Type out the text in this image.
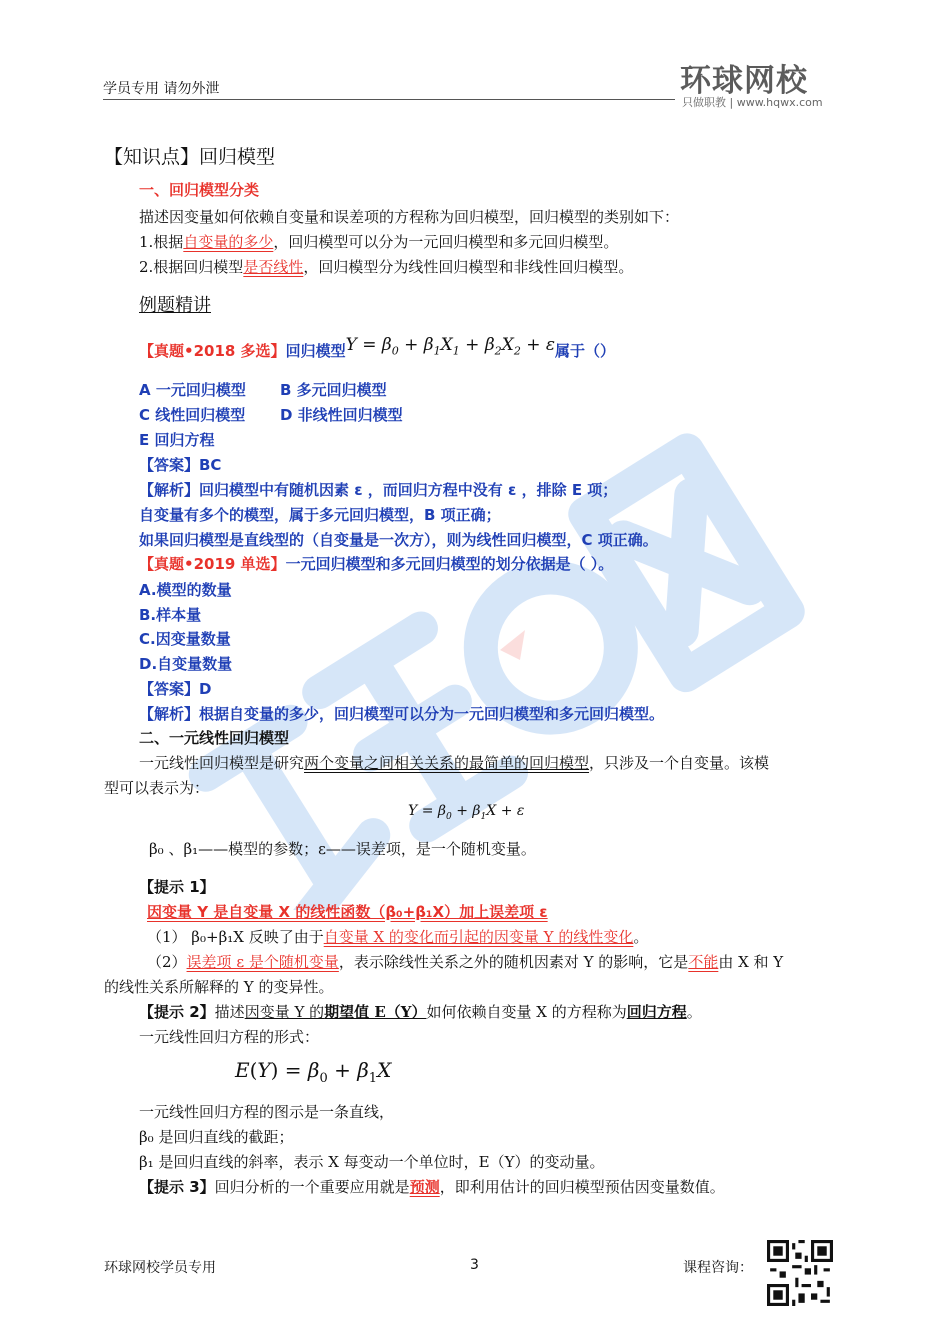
学员专用 请勿外泄	环球网校
只做职教 | www.hqwx.com
【知识点】回归模型
一、回归模型分类
描述因变量如何依赖自变量和误差项的方程称为回归模型，回归模型的类别如下：
1.根据自变量的多少，回归模型可以分为一元回归模型和多元回归模型。
2.根据回归模型是否线性，回归模型分为线性回归模型和非线性回归模型。
例题精讲
【真题•2018 多选】回归模型$Y = \beta_0 + \beta_1X_1 + \beta_2X_2 + \varepsilon$属于（）
A 一元回归模型 B 多元回归模型
C 线性回归模型 D 非线性回归模型
E 回归方程
【答案】BC
【解析】回归模型中有随机因素 ε ，而回归方程中没有 ε ，排除 E 项；
自变量有多个的模型，属于多元回归模型，B 项正确；
如果回归模型是直线型的（自变量是一次方），则为线性回归模型，C 项正确。
【真题•2019 单选】一元回归模型和多元回归模型的划分依据是（ ）。
A.模型的数量
B.样本量
C.因变量数量
D.自变量数量
【答案】D
【解析】根据自变量的多少，回归模型可以分为一元回归模型和多元回归模型。
二、一元线性回归模型
一元线性回归模型是研究两个变量之间相关关系的最简单的回归模型，只涉及一个自变量。该模
型可以表示为：
$Y = \beta_0 + \beta_1X + \varepsilon$
β₀ 、β₁——模型的参数；ε——误差项，是一个随机变量。
【提示 1】
因变量 Y 是自变量 X 的线性函数（β₀+β₁X）加上误差项 ε
（1） β₀+β₁X 反映了由于自变量 X 的变化而引起的因变量 Y 的线性变化。
（2）误差项 ε 是个随机变量，表示除线性关系之外的随机因素对 Y 的影响，它是不能由 X 和 Y
的线性关系所解释的 Y 的变异性。
【提示 2】描述因变量 Y 的期望值 E（Y）如何依赖自变量 X 的方程称为回归方程。
一元线性回归方程的形式：
$E(Y) = \beta_0 + \beta_1X$
一元线性回归方程的图示是一条直线，
β₀ 是回归直线的截距；
β₁ 是回归直线的斜率，表示 X 每变动一个单位时，E（Y）的变动量。
【提示 3】回归分析的一个重要应用就是预测，即利用估计的回归模型预估因变量数值。
环球网校学员专用	3	课程咨询：
